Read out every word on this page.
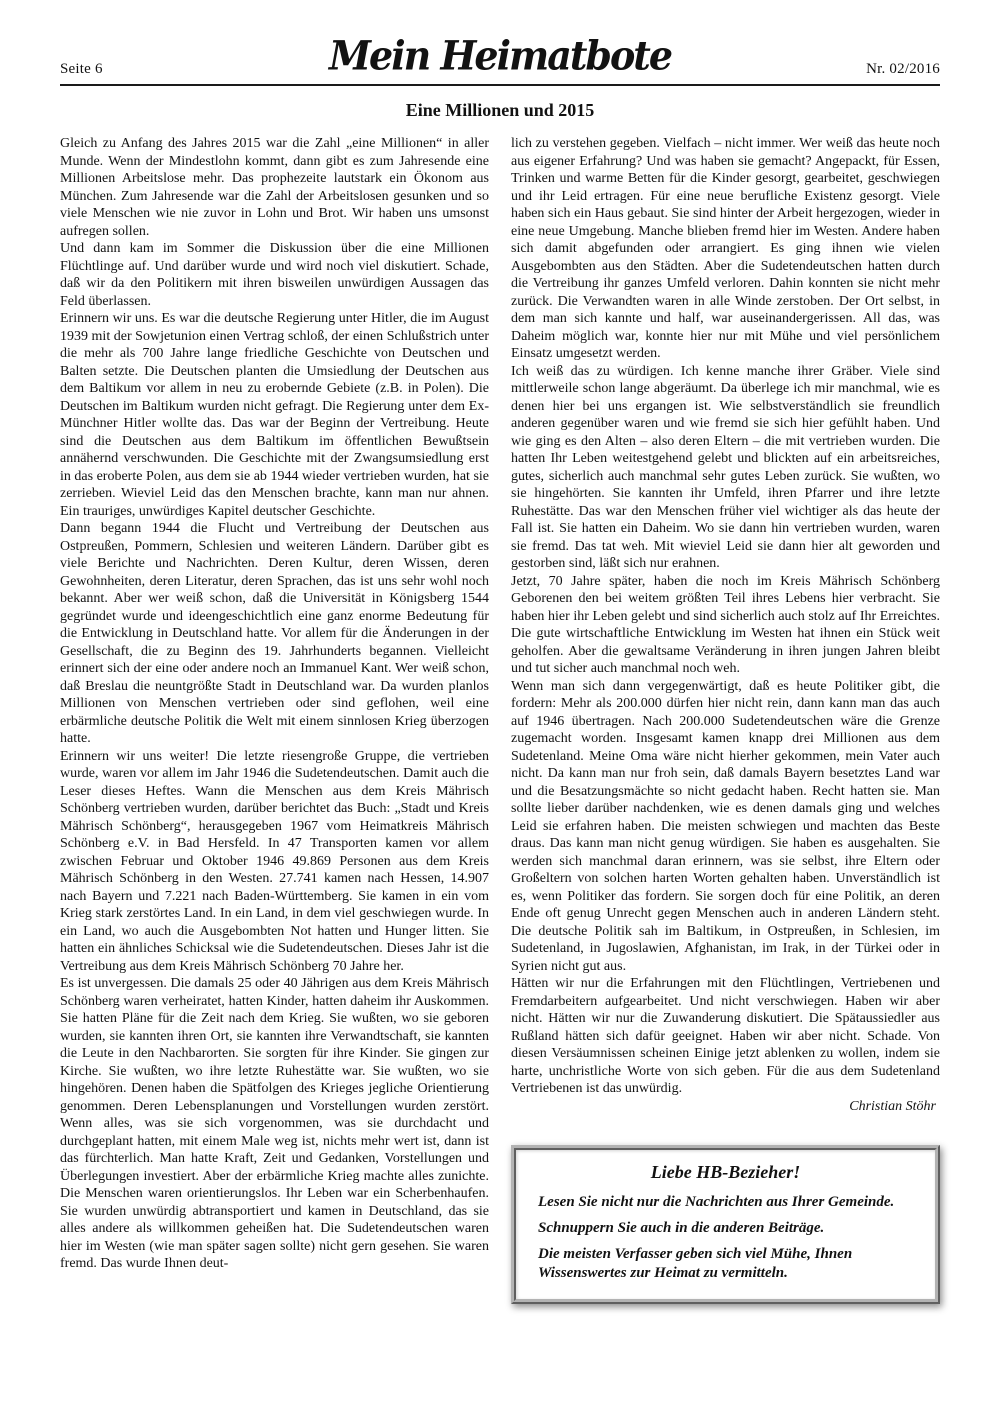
Seite 6	Mein Heimatbote	Nr. 02/2016
Eine Millionen und 2015

Gleich zu Anfang des Jahres 2015 war die Zahl „eine Millionen“ in aller Munde. Wenn der Mindestlohn kommt, dann gibt es zum Jahresende eine Millionen Arbeitslose mehr. Das prophezeite lautstark ein Ökonom aus München. Zum Jahresende war die Zahl der Arbeitslosen gesunken und so viele Menschen wie nie zuvor in Lohn und Brot. Wir haben uns umsonst aufregen sollen.

Und dann kam im Sommer die Diskussion über die eine Millionen Flüchtlinge auf. Und darüber wurde und wird noch viel diskutiert. Schade, daß wir da den Politikern mit ihren bisweilen unwürdigen Aussagen das Feld überlassen.

Erinnern wir uns. Es war die deutsche Regierung unter Hitler, die im August 1939 mit der Sowjetunion einen Vertrag schloß, der einen Schlußstrich unter die mehr als 700 Jahre lange friedliche Geschichte von Deutschen und Balten setzte. Die Deutschen planten die Umsiedlung der Deutschen aus dem Baltikum vor allem in neu zu erobernde Gebiete (z.B. in Polen). Die Deutschen im Baltikum wurden nicht gefragt. Die Regierung unter dem Ex-Münchner Hitler wollte das. Das war der Beginn der Vertreibung. Heute sind die Deutschen aus dem Baltikum im öffentlichen Bewußtsein annähernd verschwunden. Die Geschichte mit der Zwangsumsiedlung erst in das eroberte Polen, aus dem sie ab 1944 wieder vertrieben wurden, hat sie zerrieben. Wieviel Leid das den Menschen brachte, kann man nur ahnen. Ein trauriges, unwürdiges Kapitel deutscher Geschichte.

Dann begann 1944 die Flucht und Vertreibung der Deutschen aus Ostpreußen, Pommern, Schlesien und weiteren Ländern. Darüber gibt es viele Berichte und Nachrichten. Deren Kultur, deren Wissen, deren Gewohnheiten, deren Literatur, deren Sprachen, das ist uns sehr wohl noch bekannt. Aber wer weiß schon, daß die Universität in Königsberg 1544 gegründet wurde und ideengeschichtlich eine ganz enorme Bedeutung für die Entwicklung in Deutschland hatte. Vor allem für die Änderungen in der Gesellschaft, die zu Beginn des 19. Jahrhunderts begannen. Vielleicht erinnert sich der eine oder andere noch an Immanuel Kant. Wer weiß schon, daß Breslau die neuntgrößte Stadt in Deutschland war. Da wurden planlos Millionen von Menschen vertrieben oder sind geflohen, weil eine erbärmliche deutsche Politik die Welt mit einem sinnlosen Krieg überzogen hatte.

Erinnern wir uns weiter! Die letzte riesengroße Gruppe, die vertrieben wurde, waren vor allem im Jahr 1946 die Sudetendeutschen. Damit auch die Leser dieses Heftes. Wann die Menschen aus dem Kreis Mährisch Schönberg vertrieben wurden, darüber berichtet das Buch: „Stadt und Kreis Mährisch Schönberg“, herausgegeben 1967 vom Heimatkreis Mährisch Schönberg e.V. in Bad Hersfeld. In 47 Transporten kamen vor allem zwischen Februar und Oktober 1946 49.869 Personen aus dem Kreis Mährisch Schönberg in den Westen. 27.741 kamen nach Hessen, 14.907 nach Bayern und 7.221 nach Baden-Württemberg. Sie kamen in ein vom Krieg stark zerstörtes Land. In ein Land, in dem viel geschwiegen wurde. In ein Land, wo auch die Ausgebombten Not hatten und Hunger litten. Sie hatten ein ähnliches Schicksal wie die Sudetendeutschen. Dieses Jahr ist die Vertreibung aus dem Kreis Mährisch Schönberg 70 Jahre her.

Es ist unvergessen. Die damals 25 oder 40 Jährigen aus dem Kreis Mährisch Schönberg waren verheiratet, hatten Kinder, hatten daheim ihr Auskommen. Sie hatten Pläne für die Zeit nach dem Krieg. Sie wußten, wo sie geboren wurden, sie kannten ihren Ort, sie kannten ihre Verwandtschaft, sie kannten die Leute in den Nachbarorten. Sie sorgten für ihre Kinder. Sie gingen zur Kirche. Sie wußten, wo ihre letzte Ruhestätte war. Sie wußten, wo sie hingehören. Denen haben die Spätfolgen des Krieges jegliche Orientierung genommen. Deren Lebensplanungen und Vorstellungen wurden zerstört. Wenn alles, was sie sich vorgenommen, was sie durchdacht und durchgeplant hatten, mit einem Male weg ist, nichts mehr wert ist, dann ist das fürchterlich. Man hatte Kraft, Zeit und Gedanken, Vorstellungen und Überlegungen investiert. Aber der erbärmliche Krieg machte alles zunichte. Die Menschen waren orientierungslos. Ihr Leben war ein Scherbenhaufen. Sie wurden unwürdig abtransportiert und kamen in Deutschland, das sie alles andere als willkommen geheißen hat. Die Sudetendeutschen waren hier im Westen (wie man später sagen sollte) nicht gern gesehen. Sie waren fremd. Das wurde Ihnen deut-

lich zu verstehen gegeben. Vielfach – nicht immer. Wer weiß das heute noch aus eigener Erfahrung? Und was haben sie gemacht? Angepackt, für Essen, Trinken und warme Betten für die Kinder gesorgt, gearbeitet, geschwiegen und ihr Leid ertragen. Für eine neue berufliche Existenz gesorgt. Viele haben sich ein Haus gebaut. Sie sind hinter der Arbeit hergezogen, wieder in eine neue Umgebung. Manche blieben fremd hier im Westen. Andere haben sich damit abgefunden oder arrangiert. Es ging ihnen wie vielen Ausgebombten aus den Städten. Aber die Sudetendeutschen hatten durch die Vertreibung ihr ganzes Umfeld verloren. Dahin konnten sie nicht mehr zurück. Die Verwandten waren in alle Winde zerstoben. Der Ort selbst, in dem man sich kannte und half, war auseinandergerissen. All das, was Daheim möglich war, konnte hier nur mit Mühe und viel persönlichem Einsatz umgesetzt werden.

Ich weiß das zu würdigen. Ich kenne manche ihrer Gräber. Viele sind mittlerweile schon lange abgeräumt. Da überlege ich mir manchmal, wie es denen hier bei uns ergangen ist. Wie selbstverständlich sie freundlich anderen gegenüber waren und wie fremd sie sich hier gefühlt haben. Und wie ging es den Alten – also deren Eltern – die mit vertrieben wurden. Die hatten Ihr Leben weitestgehend gelebt und blickten auf ein arbeitsreiches, gutes, sicherlich auch manchmal sehr gutes Leben zurück. Sie wußten, wo sie hingehörten. Sie kannten ihr Umfeld, ihren Pfarrer und ihre letzte Ruhestätte. Das war den Menschen früher viel wichtiger als das heute der Fall ist. Sie hatten ein Daheim. Wo sie dann hin vertrieben wurden, waren sie fremd. Das tat weh. Mit wieviel Leid sie dann hier alt geworden und gestorben sind, läßt sich nur erahnen.

Jetzt, 70 Jahre später, haben die noch im Kreis Mährisch Schönberg Geborenen den bei weitem größten Teil ihres Lebens hier verbracht. Sie haben hier ihr Leben gelebt und sind sicherlich auch stolz auf Ihr Erreichtes. Die gute wirtschaftliche Entwicklung im Westen hat ihnen ein Stück weit geholfen. Aber die gewaltsame Veränderung in ihren jungen Jahren bleibt und tut sicher auch manchmal noch weh.

Wenn man sich dann vergegenwärtigt, daß es heute Politiker gibt, die fordern: Mehr als 200.000 dürfen hier nicht rein, dann kann man das auch auf 1946 übertragen. Nach 200.000 Sudetendeutschen wäre die Grenze zugemacht worden. Insgesamt kamen knapp drei Millionen aus dem Sudetenland. Meine Oma wäre nicht hierher gekommen, mein Vater auch nicht. Da kann man nur froh sein, daß damals Bayern besetztes Land war und die Besatzungsmächte so nicht gedacht haben. Recht hatten sie. Man sollte lieber darüber nachdenken, wie es denen damals ging und welches Leid sie erfahren haben. Die meisten schwiegen und machten das Beste draus. Das kann man nicht genug würdigen. Sie haben es ausgehalten. Sie werden sich manchmal daran erinnern, was sie selbst, ihre Eltern oder Großeltern von solchen harten Worten gehalten haben. Unverständlich ist es, wenn Politiker das fordern. Sie sorgen doch für eine Politik, an deren Ende oft genug Unrecht gegen Menschen auch in anderen Ländern steht. Die deutsche Politik sah im Baltikum, in Ostpreußen, in Schlesien, im Sudetenland, in Jugoslawien, Afghanistan, im Irak, in der Türkei oder in Syrien nicht gut aus.

Hätten wir nur die Erfahrungen mit den Flüchtlingen, Vertriebenen und Fremdarbeitern aufgearbeitet. Und nicht verschwiegen. Haben wir aber nicht. Hätten wir nur die Zuwanderung diskutiert. Die Spätaussiedler aus Rußland hätten sich dafür geeignet. Haben wir aber nicht. Schade. Von diesen Versäumnissen scheinen Einige jetzt ablenken zu wollen, indem sie harte, unchristliche Worte von sich geben. Für die aus dem Sudetenland Vertriebenen ist das unwürdig.

Christian Stöhr

Liebe HB-Bezieher!

Lesen Sie nicht nur die Nachrichten aus Ihrer Gemeinde.

Schnuppern Sie auch in die anderen Beiträge.

Die meisten Verfasser geben sich viel Mühe, Ihnen Wissenswertes zur Heimat zu vermitteln.
